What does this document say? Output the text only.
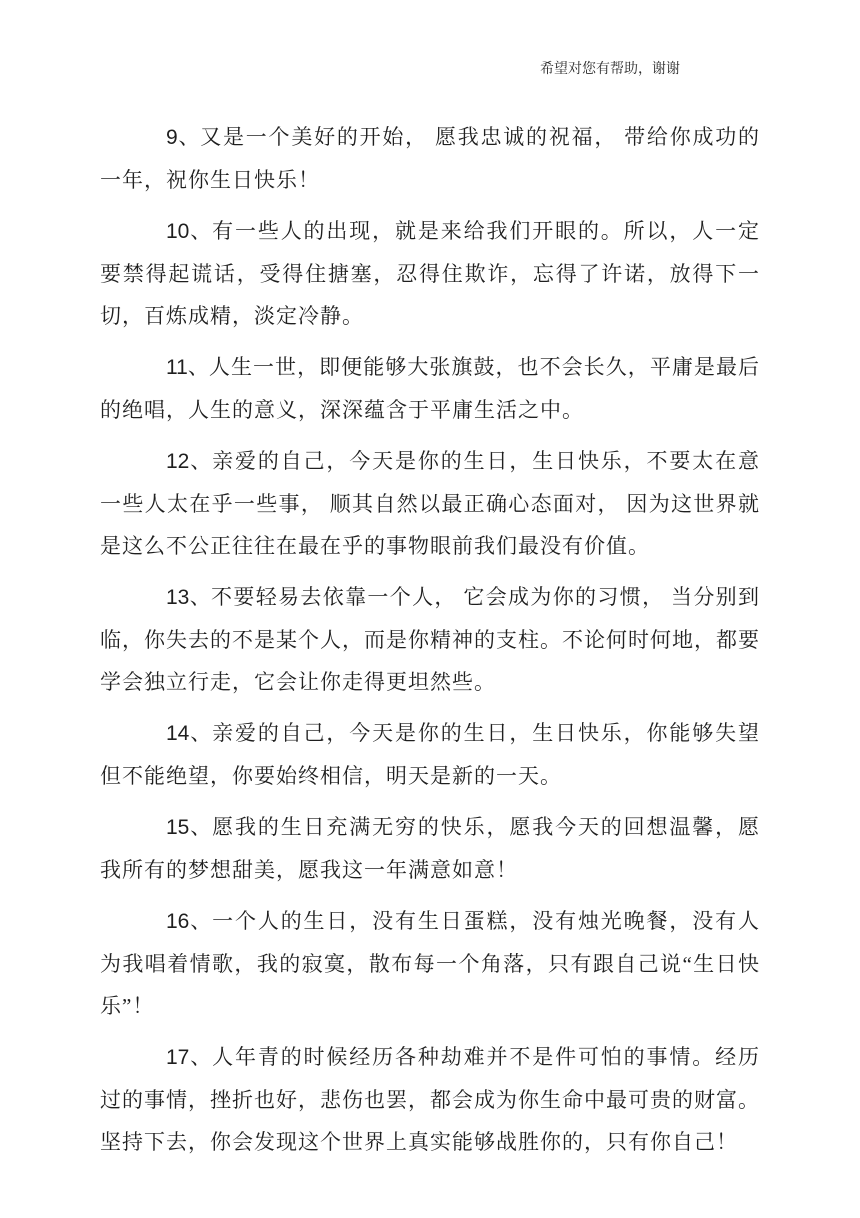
希望对您有帮助，谢谢

9、又是一个美好的开始， 愿我忠诚的祝福， 带给你成功的一年，祝你生日快乐！

10、有一些人的出现，就是来给我们开眼的。所以，人一定要禁得起谎话，受得住搪塞，忍得住欺诈，忘得了许诺，放得下一切，百炼成精，淡定冷静。

11、人生一世，即便能够大张旗鼓，也不会长久，平庸是最后的绝唱，人生的意义，深深蕴含于平庸生活之中。

12、亲爱的自己，今天是你的生日，生日快乐，不要太在意一些人太在乎一些事， 顺其自然以最正确心态面对， 因为这世界就是这么不公正往往在最在乎的事物眼前我们最没有价值。

13、不要轻易去依靠一个人， 它会成为你的习惯， 当分别到临，你失去的不是某个人，而是你精神的支柱。不论何时何地，都要学会独立行走，它会让你走得更坦然些。

14、亲爱的自己，今天是你的生日，生日快乐，你能够失望但不能绝望，你要始终相信，明天是新的一天。

15、愿我的生日充满无穷的快乐，愿我今天的回想温馨，愿我所有的梦想甜美，愿我这一年满意如意！

16、一个人的生日，没有生日蛋糕，没有烛光晚餐，没有人为我唱着情歌，我的寂寞，散布每一个角落，只有跟自己说“生日快乐”！

17、人年青的时候经历各种劫难并不是件可怕的事情。经历过的事情，挫折也好，悲伤也罢，都会成为你生命中最可贵的财富。坚持下去，你会发现这个世界上真实能够战胜你的，只有你自己！
